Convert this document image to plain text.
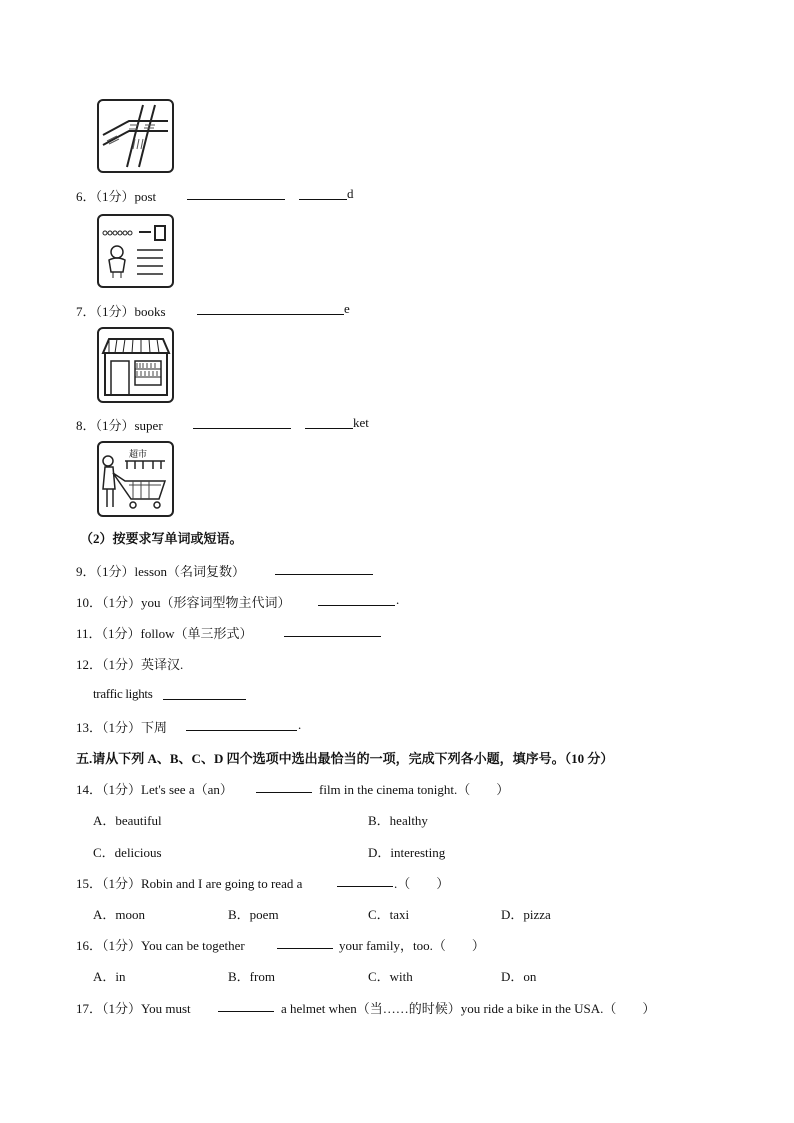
6．（1分）post	d
7．（1分）books	e
8．（1分）super	ket
超市
（2）按要求写单词或短语。
9．（1分）lesson（名词复数）
10．（1分）you（形容词型物主代词）	.
11．（1分）follow（单三形式）
12．（1分）英译汉.
traffic lights
13．（1分）下周	.
五.请从下列 A、B、C、D 四个选项中选出最恰当的一项，完成下列各小题，填序号。（10 分）
14．（1分）Let's see a（an）	film in the cinema tonight.（　　）
A．beautiful	B．healthy
C．delicious	D．interesting
15．（1分）Robin and I are going to read a	.（　　）
A．moon	B．poem	C．taxi	D．pizza
16．（1分）You can be together	your family，too.（　　）
A．in	B．from	C．with	D．on
17．（1分）You must	a helmet when（当……的时候）you ride a bike in the USA.（　　）
